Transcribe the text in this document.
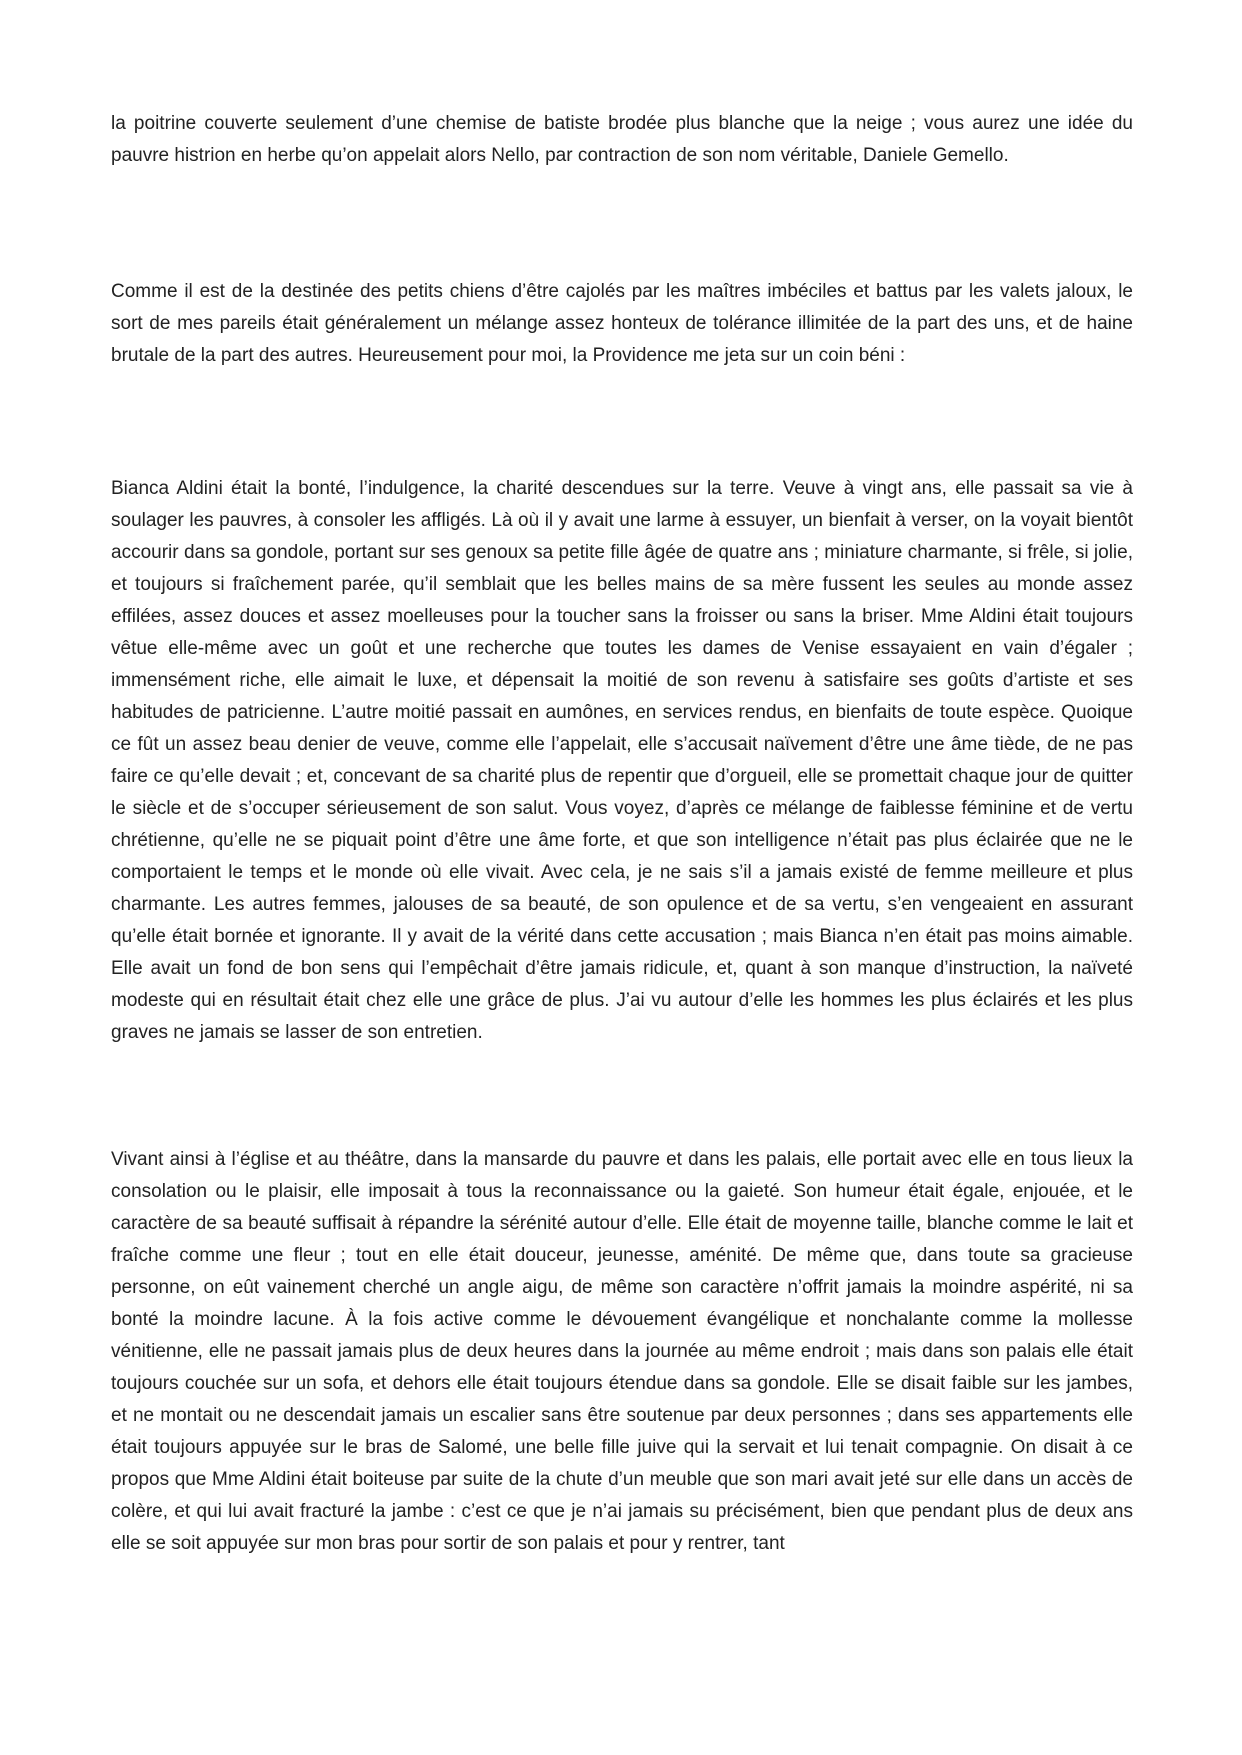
la poitrine couverte seulement d’une chemise de batiste brodée plus blanche que la neige ; vous aurez une idée du pauvre histrion en herbe qu’on appelait alors Nello, par contraction de son nom véritable, Daniele Gemello.

Comme il est de la destinée des petits chiens d’être cajolés par les maîtres imbéciles et battus par les valets jaloux, le sort de mes pareils était généralement un mélange assez honteux de tolérance illimitée de la part des uns, et de haine brutale de la part des autres. Heureusement pour moi, la Providence me jeta sur un coin béni :

Bianca Aldini était la bonté, l’indulgence, la charité descendues sur la terre. Veuve à vingt ans, elle passait sa vie à soulager les pauvres, à consoler les affligés. Là où il y avait une larme à essuyer, un bienfait à verser, on la voyait bientôt accourir dans sa gondole, portant sur ses genoux sa petite fille âgée de quatre ans ; miniature charmante, si frêle, si jolie, et toujours si fraîchement parée, qu’il semblait que les belles mains de sa mère fussent les seules au monde assez effilées, assez douces et assez moelleuses pour la toucher sans la froisser ou sans la briser. Mme Aldini était toujours vêtue elle-même avec un goût et une recherche que toutes les dames de Venise essayaient en vain d’égaler ; immensément riche, elle aimait le luxe, et dépensait la moitié de son revenu à satisfaire ses goûts d’artiste et ses habitudes de patricienne. L’autre moitié passait en aumônes, en services rendus, en bienfaits de toute espèce. Quoique ce fût un assez beau denier de veuve, comme elle l’appelait, elle s’accusait naïvement d’être une âme tiède, de ne pas faire ce qu’elle devait ; et, concevant de sa charité plus de repentir que d’orgueil, elle se promettait chaque jour de quitter le siècle et de s’occuper sérieusement de son salut. Vous voyez, d’après ce mélange de faiblesse féminine et de vertu chrétienne, qu’elle ne se piquait point d’être une âme forte, et que son intelligence n’était pas plus éclairée que ne le comportaient le temps et le monde où elle vivait. Avec cela, je ne sais s’il a jamais existé de femme meilleure et plus charmante. Les autres femmes, jalouses de sa beauté, de son opulence et de sa vertu, s’en vengeaient en assurant qu’elle était bornée et ignorante. Il y avait de la vérité dans cette accusation ; mais Bianca n’en était pas moins aimable. Elle avait un fond de bon sens qui l’empêchait d’être jamais ridicule, et, quant à son manque d’instruction, la naïveté modeste qui en résultait était chez elle une grâce de plus. J’ai vu autour d’elle les hommes les plus éclairés et les plus graves ne jamais se lasser de son entretien.

Vivant ainsi à l’église et au théâtre, dans la mansarde du pauvre et dans les palais, elle portait avec elle en tous lieux la consolation ou le plaisir, elle imposait à tous la reconnaissance ou la gaieté. Son humeur était égale, enjouée, et le caractère de sa beauté suffisait à répandre la sérénité autour d’elle. Elle était de moyenne taille, blanche comme le lait et fraîche comme une fleur ; tout en elle était douceur, jeunesse, aménité. De même que, dans toute sa gracieuse personne, on eût vainement cherché un angle aigu, de même son caractère n’offrit jamais la moindre aspérité, ni sa bonté la moindre lacune. À la fois active comme le dévouement évangélique et nonchalante comme la mollesse vénitienne, elle ne passait jamais plus de deux heures dans la journée au même endroit ; mais dans son palais elle était toujours couchée sur un sofa, et dehors elle était toujours étendue dans sa gondole. Elle se disait faible sur les jambes, et ne montait ou ne descendait jamais un escalier sans être soutenue par deux personnes ; dans ses appartements elle était toujours appuyée sur le bras de Salomé, une belle fille juive qui la servait et lui tenait compagnie. On disait à ce propos que Mme Aldini était boiteuse par suite de la chute d’un meuble que son mari avait jeté sur elle dans un accès de colère, et qui lui avait fracturé la jambe : c’est ce que je n’ai jamais su précisément, bien que pendant plus de deux ans elle se soit appuyée sur mon bras pour sortir de son palais et pour y rentrer, tant
